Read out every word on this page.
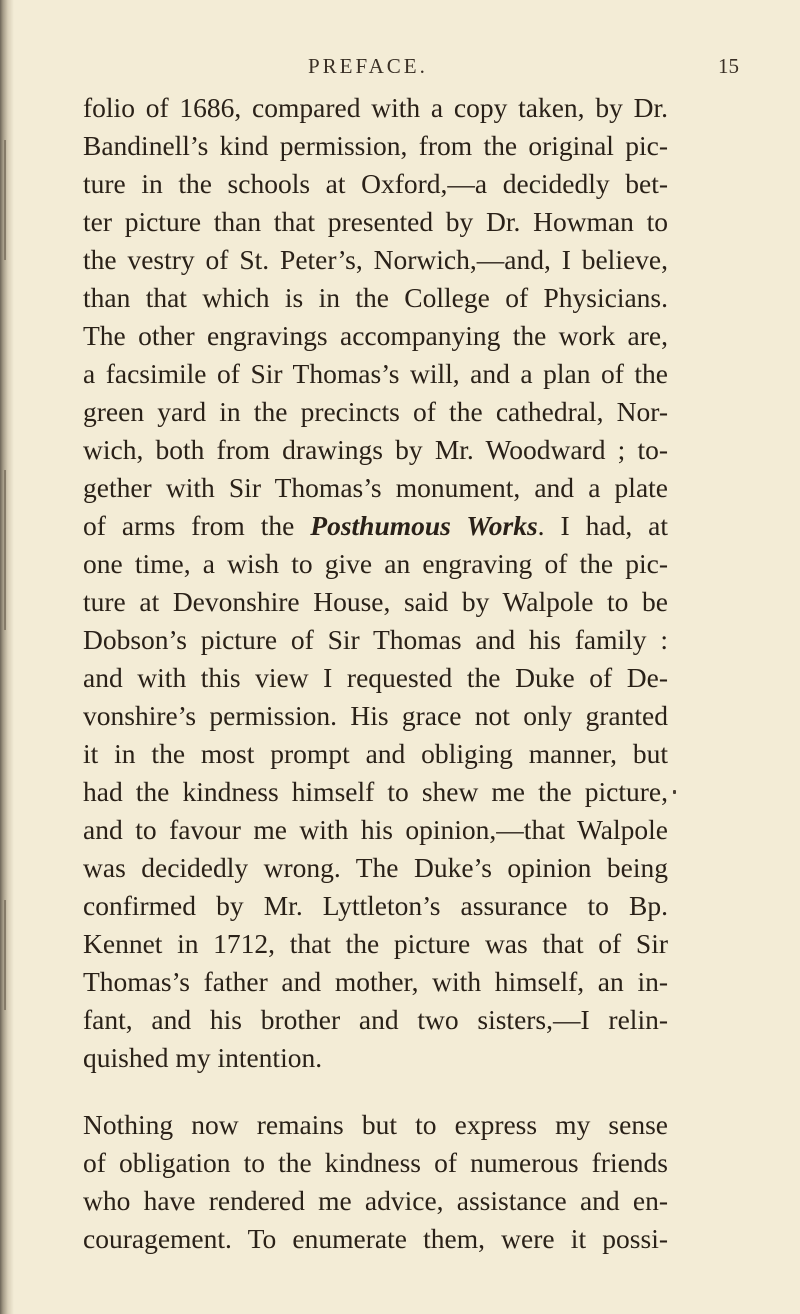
PREFACE.	15
folio of 1686, compared with a copy taken, by Dr.
Bandinell’s kind permission, from the original pic-
ture in the schools at Oxford,—a decidedly bet-
ter picture than that presented by Dr. Howman to
the vestry of St. Peter’s, Norwich,—and, I believe,
than that which is in the College of Physicians.
The other engravings accompanying the work are,
a facsimile of Sir Thomas’s will, and a plan of the
green yard in the precincts of the cathedral, Nor-
wich, both from drawings by Mr. Woodward ; to-
gether with Sir Thomas’s monument, and a plate
of arms from the Posthumous Works. I had, at
one time, a wish to give an engraving of the pic-
ture at Devonshire House, said by Walpole to be
Dobson’s picture of Sir Thomas and his family :
and with this view I requested the Duke of De-
vonshire’s permission. His grace not only granted
it in the most prompt and obliging manner, but
had the kindness himself to shew me the picture,
and to favour me with his opinion,—that Walpole
was decidedly wrong. The Duke’s opinion being
confirmed by Mr. Lyttleton’s assurance to Bp.
Kennet in 1712, that the picture was that of Sir
Thomas’s father and mother, with himself, an in-
fant, and his brother and two sisters,—I relin-
quished my intention.
Nothing now remains but to express my sense
of obligation to the kindness of numerous friends
who have rendered me advice, assistance and en-
couragement. To enumerate them, were it possi-
